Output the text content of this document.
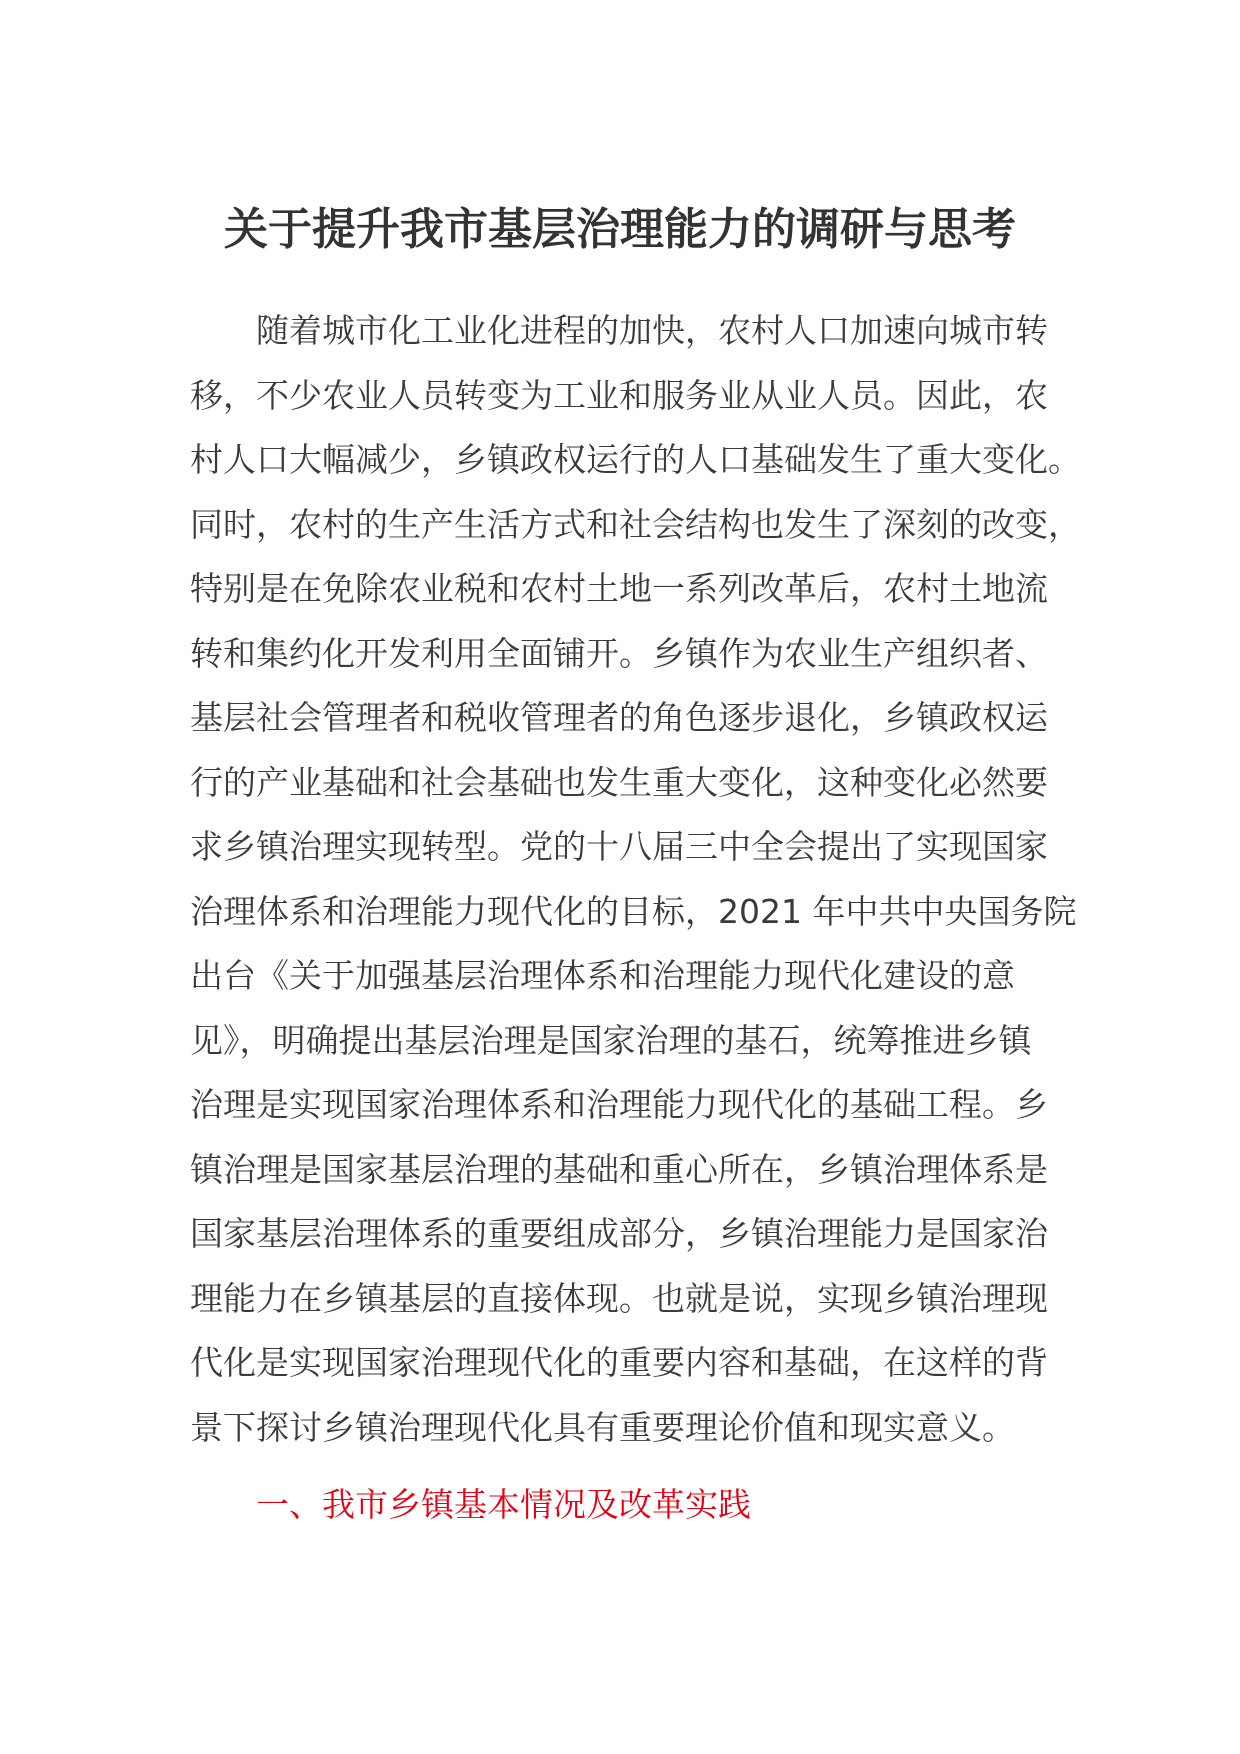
关于提升我市基层治理能力的调研与思考
随着城市化工业化进程的加快，农村人口加速向城市转
移，不少农业人员转变为工业和服务业从业人员。因此，农
村人口大幅减少，乡镇政权运行的人口基础发生了重大变化。
同时，农村的生产生活方式和社会结构也发生了深刻的改变，
特别是在免除农业税和农村土地一系列改革后，农村土地流
转和集约化开发利用全面铺开。乡镇作为农业生产组织者、
基层社会管理者和税收管理者的角色逐步退化，乡镇政权运
行的产业基础和社会基础也发生重大变化，这种变化必然要
求乡镇治理实现转型。党的十八届三中全会提出了实现国家
治理体系和治理能力现代化的目标，2021 年中共中央国务院
出台《关于加强基层治理体系和治理能力现代化建设的意
见》，明确提出基层治理是国家治理的基石，统筹推进乡镇
治理是实现国家治理体系和治理能力现代化的基础工程。乡
镇治理是国家基层治理的基础和重心所在，乡镇治理体系是
国家基层治理体系的重要组成部分，乡镇治理能力是国家治
理能力在乡镇基层的直接体现。也就是说，实现乡镇治理现
代化是实现国家治理现代化的重要内容和基础，在这样的背
景下探讨乡镇治理现代化具有重要理论价值和现实意义。
一、我市乡镇基本情况及改革实践
